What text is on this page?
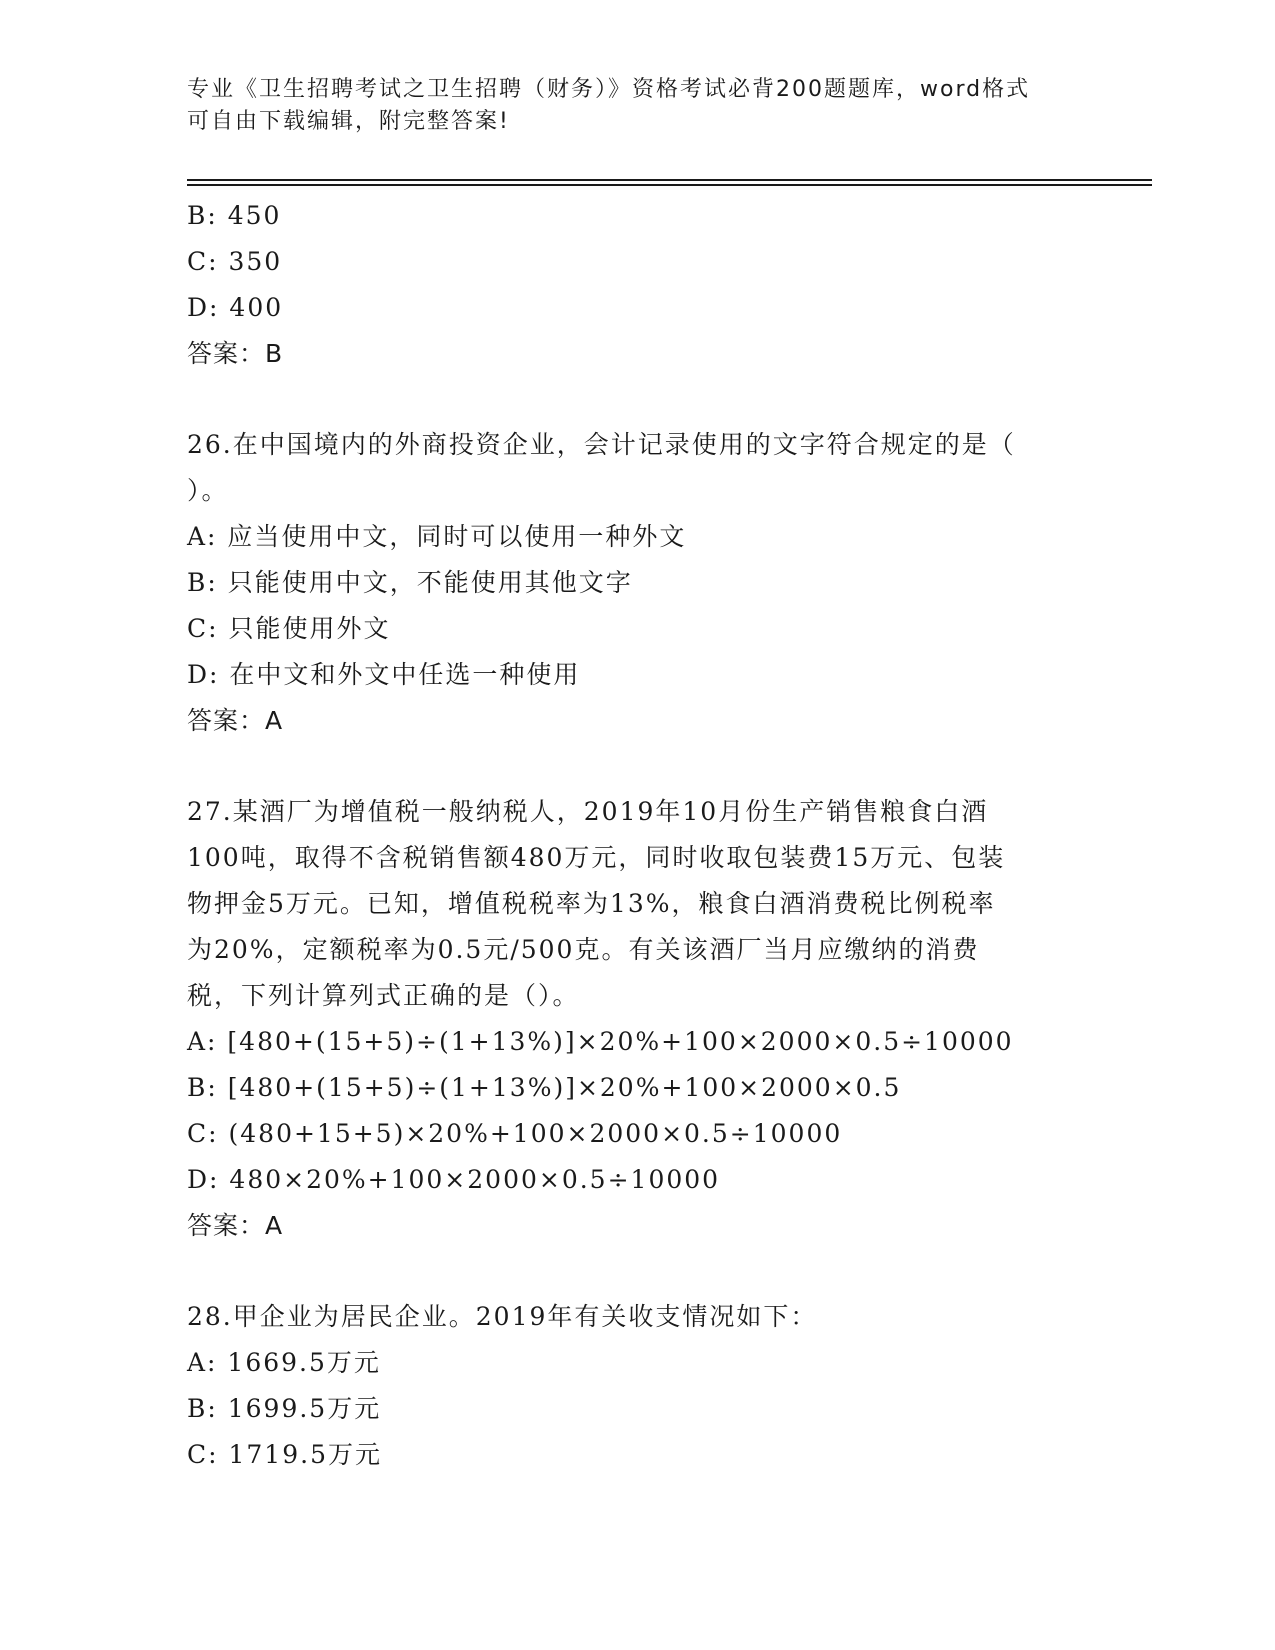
专业《卫生招聘考试之卫生招聘（财务）》资格考试必背200题题库，word格式
可自由下载编辑，附完整答案!
B: 450
C: 350
D: 400
答案：B
26.在中国境内的外商投资企业，会计记录使用的文字符合规定的是（
）。
A: 应当使用中文，同时可以使用一种外文
B: 只能使用中文，不能使用其他文字
C: 只能使用外文
D: 在中文和外文中任选一种使用
答案：A
27.某酒厂为增值税一般纳税人，2019年10月份生产销售粮食白酒
100吨，取得不含税销售额480万元，同时收取包装费15万元、包装
物押金5万元。已知，增值税税率为13%，粮食白酒消费税比例税率
为20%，定额税率为0.5元/500克。有关该酒厂当月应缴纳的消费
税，下列计算列式正确的是（）。
A: [480+(15+5)÷(1+13%)]×20%+100×2000×0.5÷10000
B: [480+(15+5)÷(1+13%)]×20%+100×2000×0.5
C: (480+15+5)×20%+100×2000×0.5÷10000
D: 480×20%+100×2000×0.5÷10000
答案：A
28.甲企业为居民企业。2019年有关收支情况如下：
A: 1669.5万元
B: 1699.5万元
C: 1719.5万元
